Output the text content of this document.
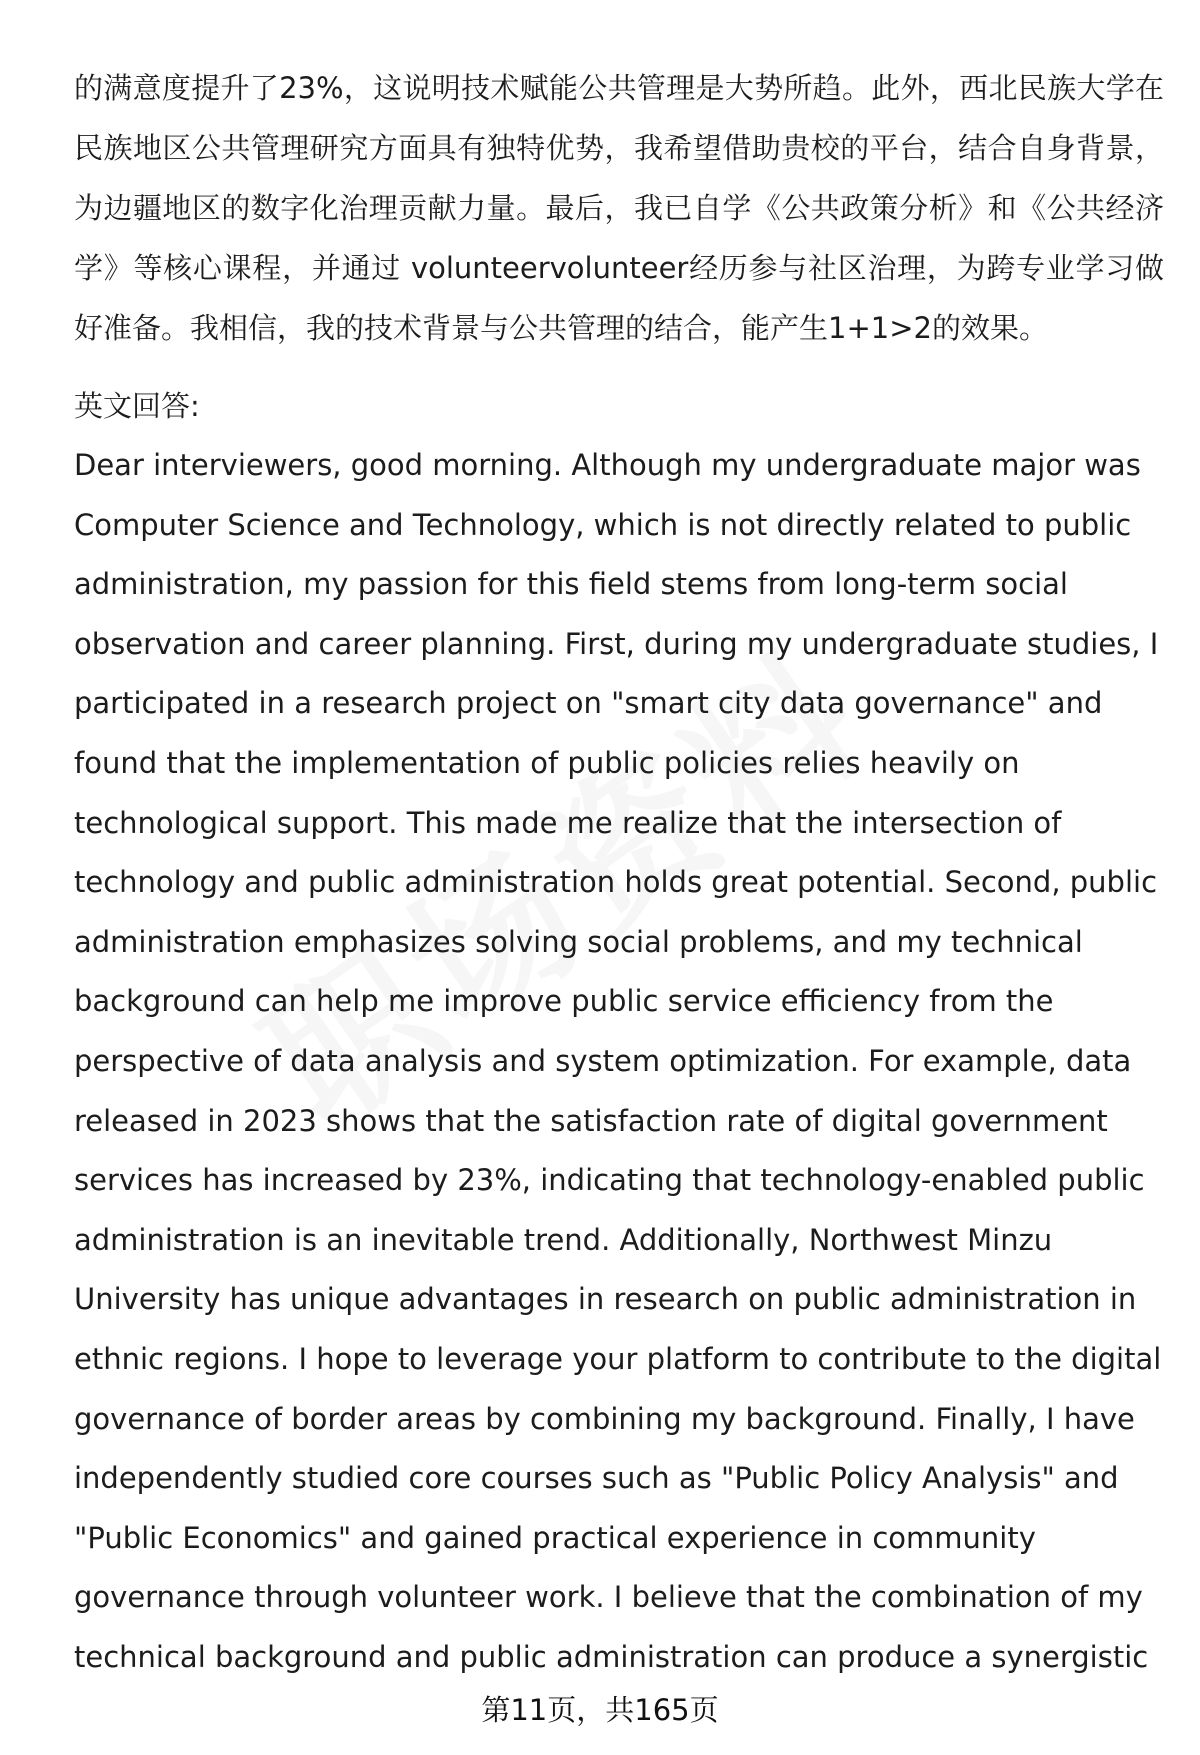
的满意度提升了23%，这说明技术赋能公共管理是大势所趋。此外，西北民族大学在民族地区公共管理研究方面具有独特优势，我希望借助贵校的平台，结合自身背景，为边疆地区的数字化治理贡献力量。最后，我已自学《公共政策分析》和《公共经济学》等核心课程，并通过 volunteervolunteer经历参与社区治理，为跨专业学习做好准备。我相信，我的技术背景与公共管理的结合，能产生1+1>2的效果。

英文回答:

Dear interviewers, good morning. Although my undergraduate major was Computer Science and Technology, which is not directly related to public administration, my passion for this field stems from long-term social observation and career planning. First, during my undergraduate studies, I participated in a research project on "smart city data governance" and found that the implementation of public policies relies heavily on technological support. This made me realize that the intersection of technology and public administration holds great potential. Second, public administration emphasizes solving social problems, and my technical background can help me improve public service efficiency from the perspective of data analysis and system optimization. For example, data released in 2023 shows that the satisfaction rate of digital government services has increased by 23%, indicating that technology-enabled public administration is an inevitable trend. Additionally, Northwest Minzu University has unique advantages in research on public administration in ethnic regions. I hope to leverage your platform to contribute to the digital governance of border areas by combining my background. Finally, I have independently studied core courses such as "Public Policy Analysis" and "Public Economics" and gained practical experience in community governance through volunteer work. I believe that the combination of my technical background and public administration can produce a synergistic

第11页，共165页
